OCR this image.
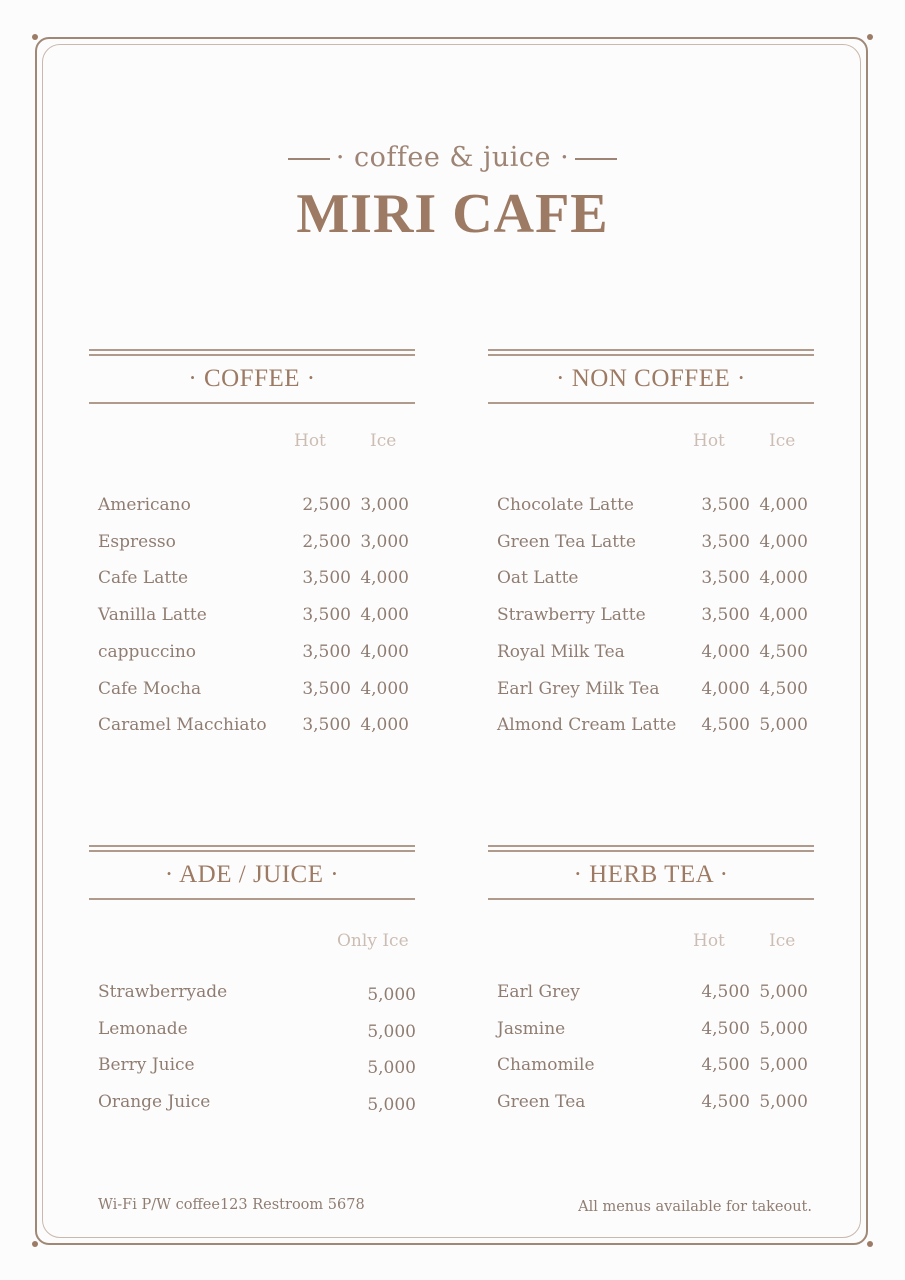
· coffee & juice ·
MIRI CAFE
· COFFEE ·
Hot	Ice
Americano	2,500 3,000
Espresso	2,500 3,000
Cafe Latte	3,500 4,000
Vanilla Latte	3,500 4,000
cappuccino	3,500 4,000
Cafe Mocha	3,500 4,000
Caramel Macchiato	3,500 4,000
· NON COFFEE ·
Hot	Ice
Chocolate Latte	3,500 4,000
Green Tea Latte	3,500 4,000
Oat Latte	3,500 4,000
Strawberry Latte	3,500 4,000
Royal Milk Tea	4,000 4,500
Earl Grey Milk Tea	4,000 4,500
Almond Cream Latte	4,500 5,000
· ADE / JUICE ·
Only Ice
Strawberryade	5,000
Lemonade	5,000
Berry Juice	5,000
Orange Juice	5,000
· HERB TEA ·
Hot	Ice
Earl Grey	4,500 5,000
Jasmine	4,500 5,000
Chamomile	4,500 5,000
Green Tea	4,500 5,000
Wi-Fi P/W coffee123 Restroom 5678	All menus available for takeout.
